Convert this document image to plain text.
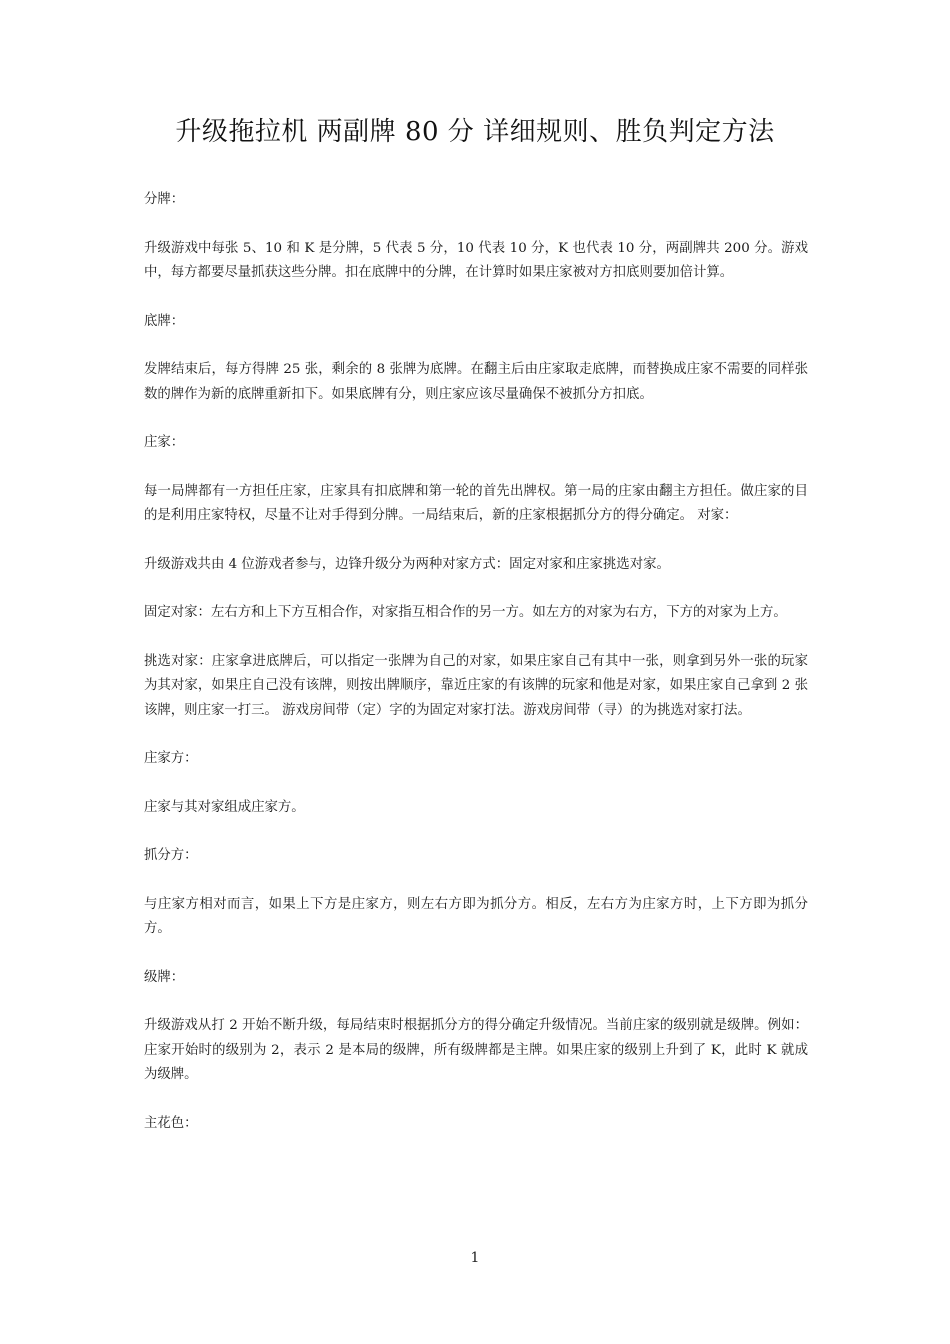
升级拖拉机 两副牌 80 分 详细规则、胜负判定方法

分牌：

升级游戏中每张 5、10 和 K 是分牌，5 代表 5 分，10 代表 10 分，K 也代表 10 分，两副牌共 200 分。游戏中，每方都要尽量抓获这些分牌。扣在底牌中的分牌，在计算时如果庄家被对方扣底则要加倍计算。

底牌：

发牌结束后，每方得牌 25 张，剩余的 8 张牌为底牌。在翻主后由庄家取走底牌，而替换成庄家不需要的同样张数的牌作为新的底牌重新扣下。如果底牌有分，则庄家应该尽量确保不被抓分方扣底。

庄家：

每一局牌都有一方担任庄家，庄家具有扣底牌和第一轮的首先出牌权。第一局的庄家由翻主方担任。做庄家的目的是利用庄家特权，尽量不让对手得到分牌。一局结束后，新的庄家根据抓分方的得分确定。 对家：

升级游戏共由 4 位游戏者参与，边锋升级分为两种对家方式：固定对家和庄家挑选对家。

固定对家：左右方和上下方互相合作，对家指互相合作的另一方。如左方的对家为右方，下方的对家为上方。

挑选对家：庄家拿进底牌后，可以指定一张牌为自己的对家，如果庄家自己有其中一张，则拿到另外一张的玩家为其对家，如果庄自己没有该牌，则按出牌顺序，靠近庄家的有该牌的玩家和他是对家，如果庄家自己拿到 2 张该牌，则庄家一打三。 游戏房间带（定）字的为固定对家打法。游戏房间带（寻）的为挑选对家打法。

庄家方：

庄家与其对家组成庄家方。

抓分方：

与庄家方相对而言，如果上下方是庄家方，则左右方即为抓分方。相反，左右方为庄家方时，上下方即为抓分方。

级牌：

升级游戏从打 2 开始不断升级，每局结束时根据抓分方的得分确定升级情况。当前庄家的级别就是级牌。例如：庄家开始时的级别为 2，表示 2 是本局的级牌，所有级牌都是主牌。如果庄家的级别上升到了 K，此时 K 就成为级牌。

主花色：

1
